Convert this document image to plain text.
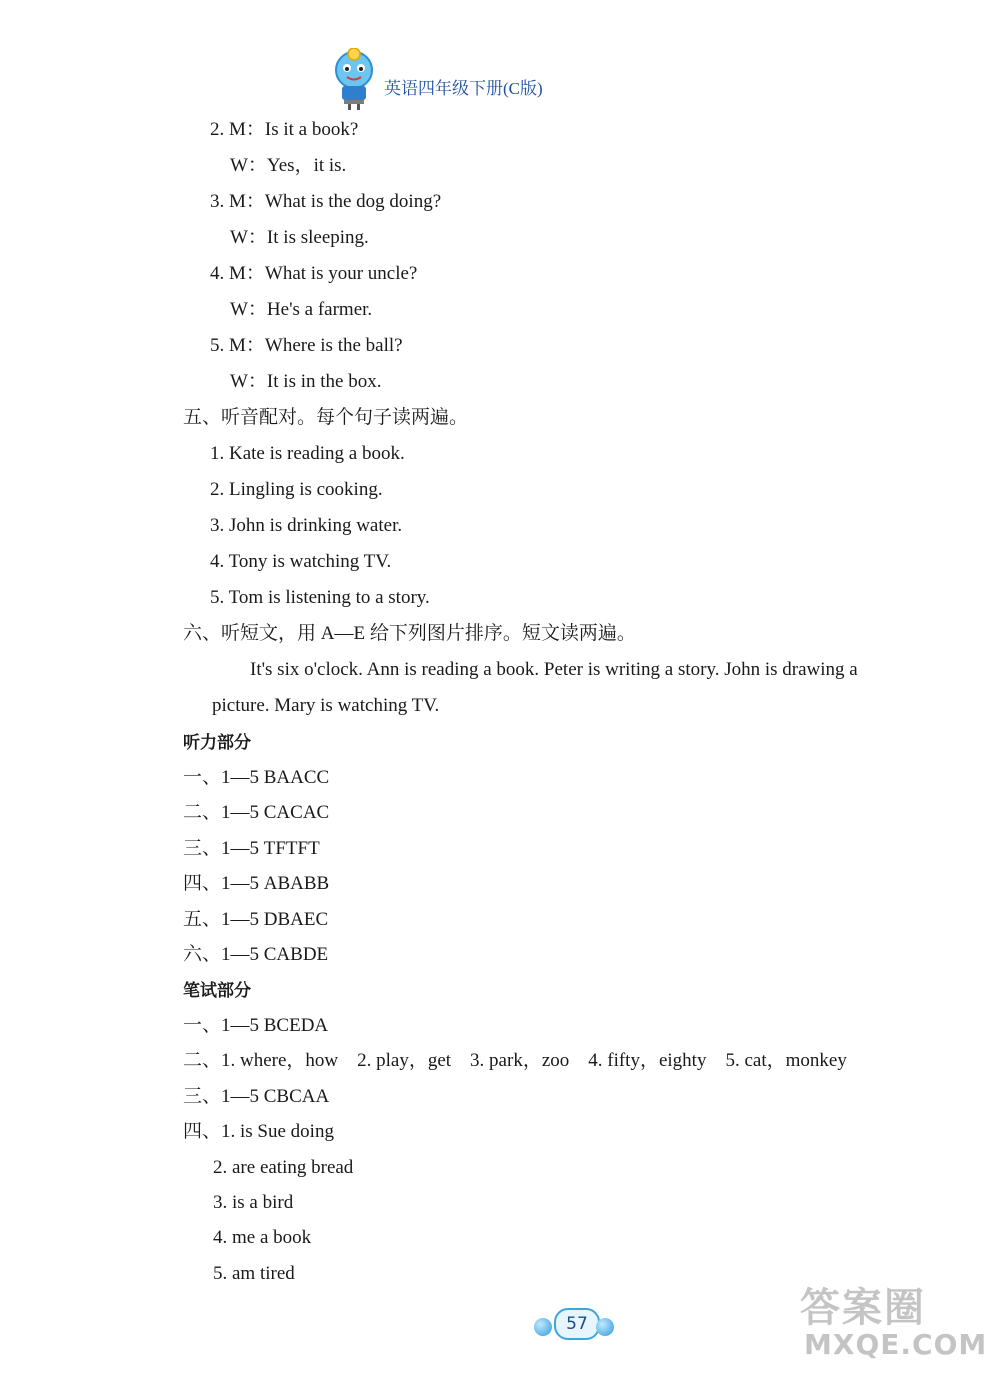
英语四年级下册(C版)
2. M：Is it a book?
W：Yes，it is.
3. M：What is the dog doing?
W：It is sleeping.
4. M：What is your uncle?
W：He's a farmer.
5. M：Where is the ball?
W：It is in the box.
五、听音配对。每个句子读两遍。
1. Kate is reading a book.
2. Lingling is cooking.
3. John is drinking water.
4. Tony is watching TV.
5. Tom is listening to a story.
六、听短文，用 A—E 给下列图片排序。短文读两遍。
It's six o'clock. Ann is reading a book. Peter is writing a story. John is drawing a
picture. Mary is watching TV.
听力部分
一、1—5 BAACC
二、1—5 CACAC
三、1—5 TFTFT
四、1—5 ABABB
五、1—5 DBAEC
六、1—5 CABDE
笔试部分
一、1—5 BCEDA
二、1. where，how    2. play，get    3. park，zoo    4. fifty，eighty    5. cat，monkey
三、1—5 CBCAA
四、1. is Sue doing
2. are eating bread
3. is a bird
4. me a book
5. am tired
57	答案圈
MXQE.COM
